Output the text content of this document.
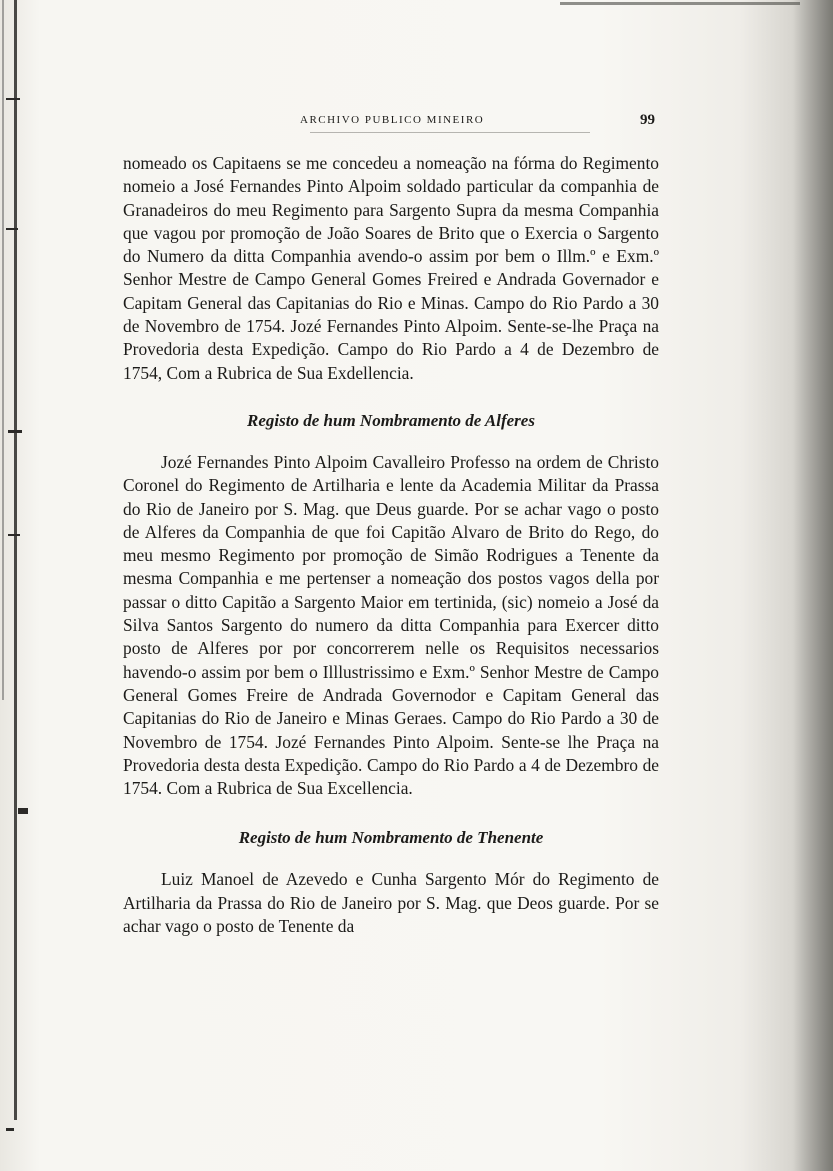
ARCHIVO PUBLICO MINEIRO	99

nomeado os Capitaens se me concedeu a nomeação na fórma do Regimento nomeio a José Fernandes Pinto Alpoim soldado particular da companhia de Granadeiros do meu Regimento para Sargento Supra da mesma Companhia que vagou por promoção de João Soares de Brito que o Exercia o Sargento do Numero da ditta Companhia avendo-o assim por bem o Illm.º e Exm.º Senhor Mestre de Campo General Gomes Freired e Andrada Governador e Capitam General das Capitanias do Rio e Minas. Campo do Rio Pardo a 30 de Novembro de 1754. Jozé Fernandes Pinto Alpoim. Sente-se-lhe Praça na Provedoria desta Expedição. Campo do Rio Pardo a 4 de Dezembro de 1754, Com a Rubrica de Sua Exdellencia.

Registo de hum Nombramento de Alferes

Jozé Fernandes Pinto Alpoim Cavalleiro Professo na ordem de Christo Coronel do Regimento de Artilharia e lente da Academia Militar da Prassa do Rio de Janeiro por S. Mag. que Deus guarde. Por se achar vago o posto de Alferes da Companhia de que foi Capitão Alvaro de Brito do Rego, do meu mesmo Regimento por promoção de Simão Rodrigues a Tenente da mesma Companhia e me pertenser a nomeação dos postos vagos della por passar o ditto Capitão a Sargento Maior em tertinida, (sic) nomeio a José da Silva Santos Sargento do numero da ditta Companhia para Exercer ditto posto de Alferes por por concorrerem nelle os Requisitos necessarios havendo-o assim por bem o Illlustrissimo e Exm.º Senhor Mestre de Campo General Gomes Freire de Andrada Governodor e Capitam General das Capitanias do Rio de Janeiro e Minas Geraes. Campo do Rio Pardo a 30 de Novembro de 1754. Jozé Fernandes Pinto Alpoim. Sente-se lhe Praça na Provedoria desta desta Expedição. Campo do Rio Pardo a 4 de Dezembro de 1754. Com a Rubrica de Sua Excellencia.

Registo de hum Nombramento de Thenente

Luiz Manoel de Azevedo e Cunha Sargento Mór do Regimento de Artilharia da Prassa do Rio de Janeiro por S. Mag. que Deos guarde. Por se achar vago o posto de Tenente da
